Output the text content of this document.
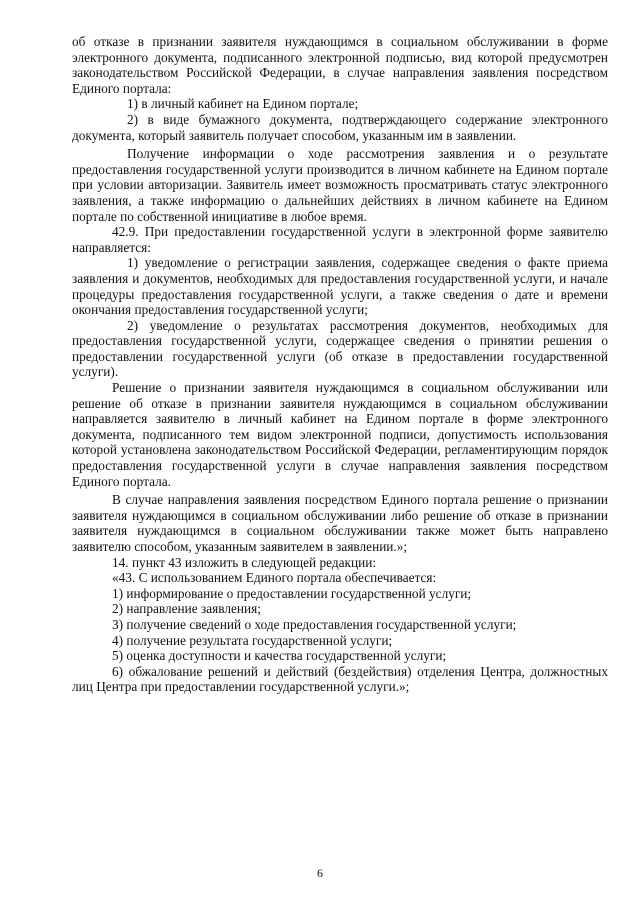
об отказе в признании заявителя нуждающимся в социальном обслуживании в форме электронного документа, подписанного электронной подписью, вид которой предусмотрен законодательством Российской Федерации, в случае направления заявления посредством Единого портала:

1) в личный кабинет на Едином портале;

2) в виде бумажного документа, подтверждающего содержание электронного документа, который заявитель получает способом, указанным им в заявлении.

Получение информации о ходе рассмотрения заявления и о результате предоставления государственной услуги производится в личном кабинете на Едином портале при условии авторизации. Заявитель имеет возможность просматривать статус электронного заявления, а также информацию о дальнейших действиях в личном кабинете на Едином портале по собственной инициативе в любое время.

42.9. При предоставлении государственной услуги в электронной форме заявителю направляется:

1) уведомление о регистрации заявления, содержащее сведения о факте приема заявления и документов, необходимых для предоставления государственной услуги, и начале процедуры предоставления государственной услуги, а также сведения о дате и времени окончания предоставления государственной услуги;

2) уведомление о результатах рассмотрения документов, необходимых для предоставления государственной услуги, содержащее сведения о принятии решения о предоставлении государственной услуги (об отказе в предоставлении государственной услуги).

Решение о признании заявителя нуждающимся в социальном обслуживании или решение об отказе в признании заявителя нуждающимся в социальном обслуживании направляется заявителю в личный кабинет на Едином портале в форме электронного документа, подписанного тем видом электронной подписи, допустимость использования которой установлена законодательством Российской Федерации, регламентирующим порядок предоставления государственной услуги в случае направления заявления посредством Единого портала.

В случае направления заявления посредством Единого портала решение о признании заявителя нуждающимся в социальном обслуживании либо решение об отказе в признании заявителя нуждающимся в социальном обслуживании также может быть направлено заявителю способом, указанным заявителем в заявлении.»;

14. пункт 43 изложить в следующей редакции:

«43. С использованием Единого портала обеспечивается:

1) информирование о предоставлении государственной услуги;

2) направление заявления;

3) получение сведений о ходе предоставления государственной услуги;

4) получение результата государственной услуги;

5) оценка доступности и качества государственной услуги;

6) обжалование решений и действий (бездействия) отделения Центра, должностных лиц Центра при предоставлении государственной услуги.»;

6
